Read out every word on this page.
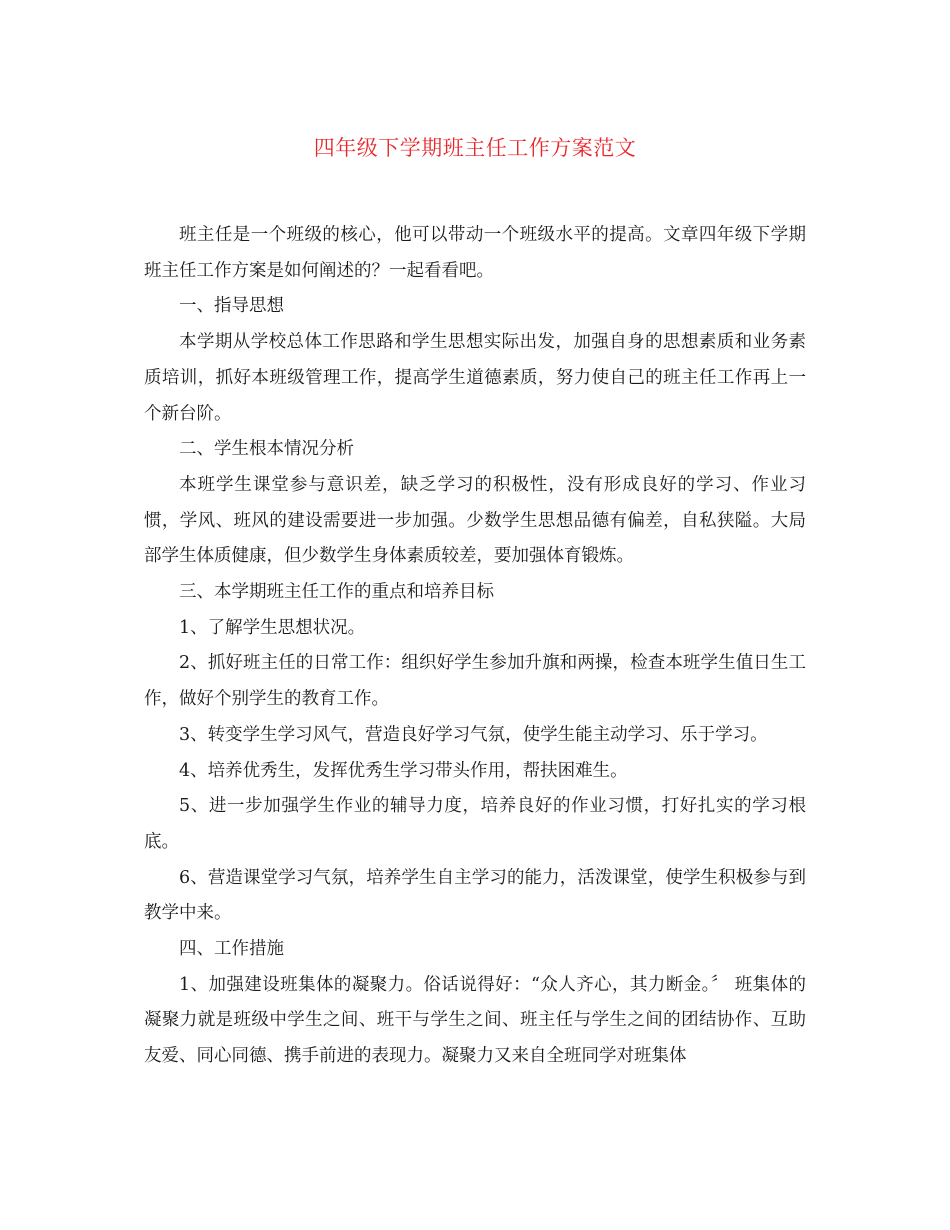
四年级下学期班主任工作方案范文

班主任是一个班级的核心，他可以带动一个班级水平的提高。文章四年级下学期班主任工作方案是如何阐述的？一起看看吧。

一、指导思想

本学期从学校总体工作思路和学生思想实际出发，加强自身的思想素质和业务素质培训，抓好本班级管理工作，提高学生道德素质，努力使自己的班主任工作再上一个新台阶。

二、学生根本情况分析

本班学生课堂参与意识差，缺乏学习的积极性，没有形成良好的学习、作业习惯，学风、班风的建设需要进一步加强。少数学生思想品德有偏差，自私狭隘。大局部学生体质健康，但少数学生身体素质较差，要加强体育锻炼。

三、本学期班主任工作的重点和培养目标

1、了解学生思想状况。

2、抓好班主任的日常工作：组织好学生参加升旗和两操，检查本班学生值日生工作，做好个别学生的教育工作。

3、转变学生学习风气，营造良好学习气氛，使学生能主动学习、乐于学习。

4、培养优秀生，发挥优秀生学习带头作用，帮扶困难生。

5、进一步加强学生作业的辅导力度，培养良好的作业习惯，打好扎实的学习根底。

6、营造课堂学习气氛，培养学生自主学习的能力，活泼课堂，使学生积极参与到教学中来。

四、工作措施

1、加强建设班集体的凝聚力。俗话说得好：“众人齐心，其力断金。〞 班集体的凝聚力就是班级中学生之间、班干与学生之间、班主任与学生之间的团结协作、互助友爱、同心同德、携手前进的表现力。凝聚力又来自全班同学对班集体
